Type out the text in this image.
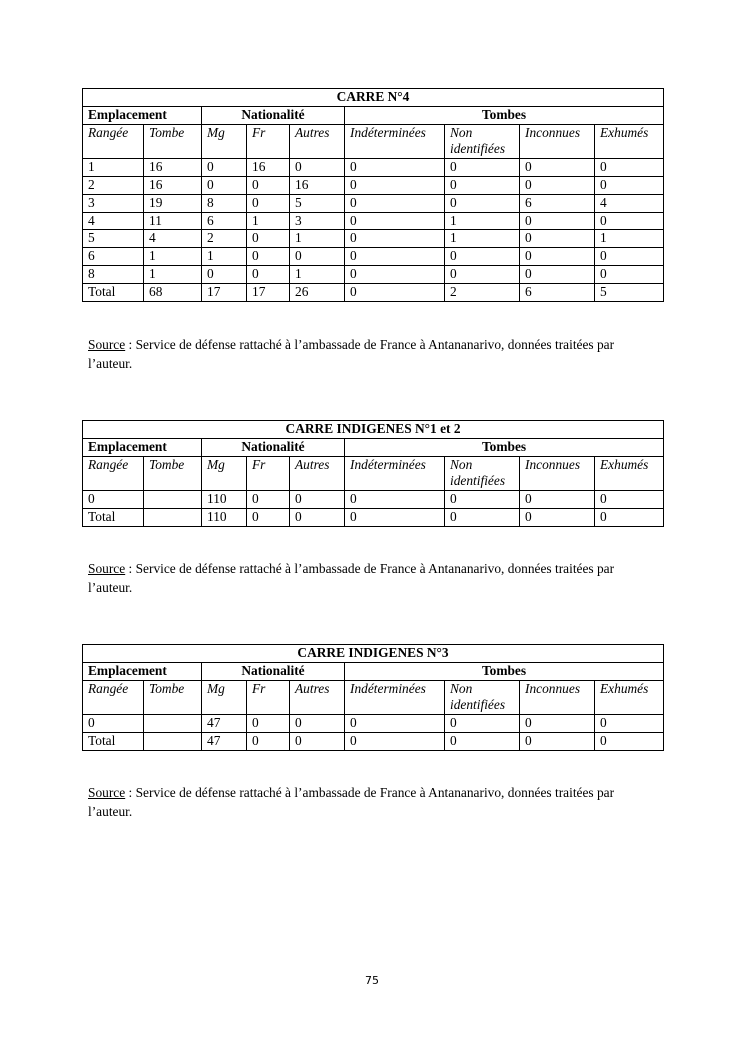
CARRE N°4								
Emplacement		Nationalité			Tombes			
Rangée	Tombe	Mg	Fr	Autres	Indéterminées	Non identifiées	Inconnues	Exhumés
1	16	0	16	0	0	0	0	0
2	16	0	0	16	0	0	0	0
3	19	8	0	5	0	0	6	4
4	11	6	1	3	0	1	0	0
5	4	2	0	1	0	1	0	1
6	1	1	0	0	0	0	0	0
8	1	0	0	1	0	0	0	0
Total	68	17	17	26	0	2	6	5
Source : Service de défense rattaché à l’ambassade de France à Antananarivo, données traitées par l’auteur.
CARRE INDIGENES N°1 et 2								
Emplacement		Nationalité			Tombes			
Rangée	Tombe	Mg	Fr	Autres	Indéterminées	Non identifiées	Inconnues	Exhumés
0		110	0	0	0	0	0	0
Total		110	0	0	0	0	0	0
Source : Service de défense rattaché à l’ambassade de France à Antananarivo, données traitées par l’auteur.
CARRE INDIGENES N°3								
Emplacement		Nationalité			Tombes			
Rangée	Tombe	Mg	Fr	Autres	Indéterminées	Non identifiées	Inconnues	Exhumés
0		47	0	0	0	0	0	0
Total		47	0	0	0	0	0	0
Source : Service de défense rattaché à l’ambassade de France à Antananarivo, données traitées par l’auteur.
75
